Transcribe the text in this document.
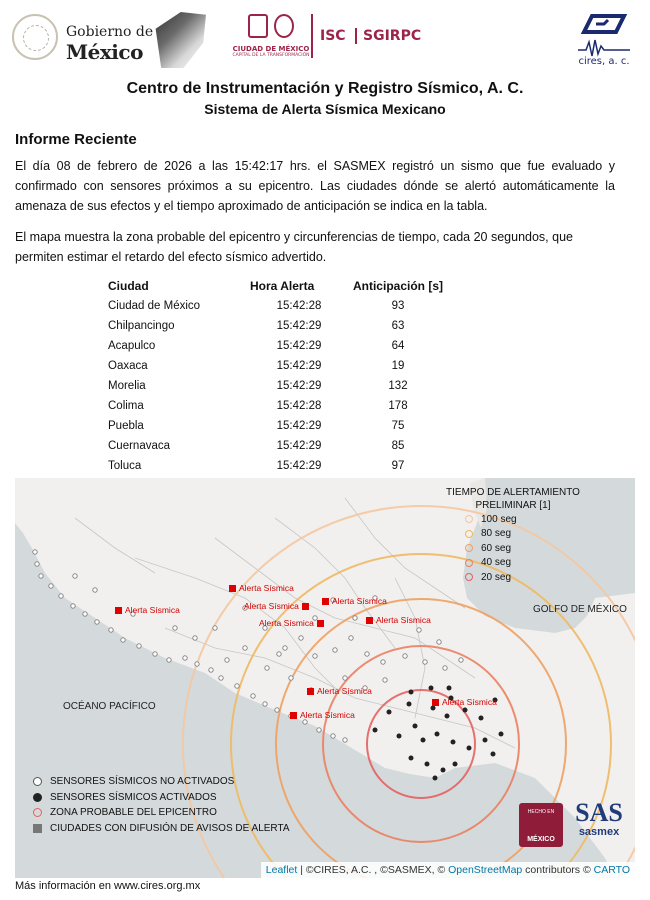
Gobierno de
México	CIUDAD DE MÉXICO
CAPITAL DE LA TRANSFORMACIÓN
ISC	SGIRPC
cires, a. c.
Centro de Instrumentación y Registro Sísmico, A. C.
Sistema de Alerta Sísmica Mexicano
Informe Reciente
El día 08 de febrero de 2026 a las 15:42:17 hrs. el SASMEX registró un sismo que fue evaluado y confirmado con sensores próximos a su epicentro. Las ciudades dónde se alertó automáticamente la amenaza de sus efectos y el tiempo aproximado de anticipación se indica en la tabla.
El mapa muestra la zona probable del epicentro y circunferencias de tiempo, cada 20 segundos, que permiten estimar el retardo del efecto sísmico advertido.
Ciudad	Hora Alerta	Anticipación [s]
Ciudad de México	15:42:28	93
Chilpancingo	15:42:29	63
Acapulco	15:42:29	64
Oaxaca	15:42:29	19
Morelia	15:42:29	132
Colima	15:42:28	178
Puebla	15:42:29	75
Cuernavaca	15:42:29	85
Toluca	15:42:29	97
TIEMPO DE ALERTAMIENTO PRELIMINAR [1]
100 seg
80 seg
60 seg
40 seg
20 seg
GOLFO DE MÉXICO
OCÉANO PACÍFICO
Alerta Sísmica
Alerta Sísmica
Alerta Sísmica	Alerta Sísmica
Alerta Sísmica	Alerta Sísmica
Alerta Sísmica
Alerta Sísmica
Alerta Sísmica
SENSORES SÍSMICOS NO ACTIVADOS
SENSORES SÍSMICOS ACTIVADOS
ZONA PROBABLE DEL EPICENTRO
CIUDADES CON DIFUSIÓN DE AVISOS DE ALERTA
HECHO EN
MÉXICO
SAS
sasmex
Leaflet | ©CIRES, A.C. , ©SASMEX, © OpenStreetMap contributors © CARTO
Más información en www.cires.org.mx
